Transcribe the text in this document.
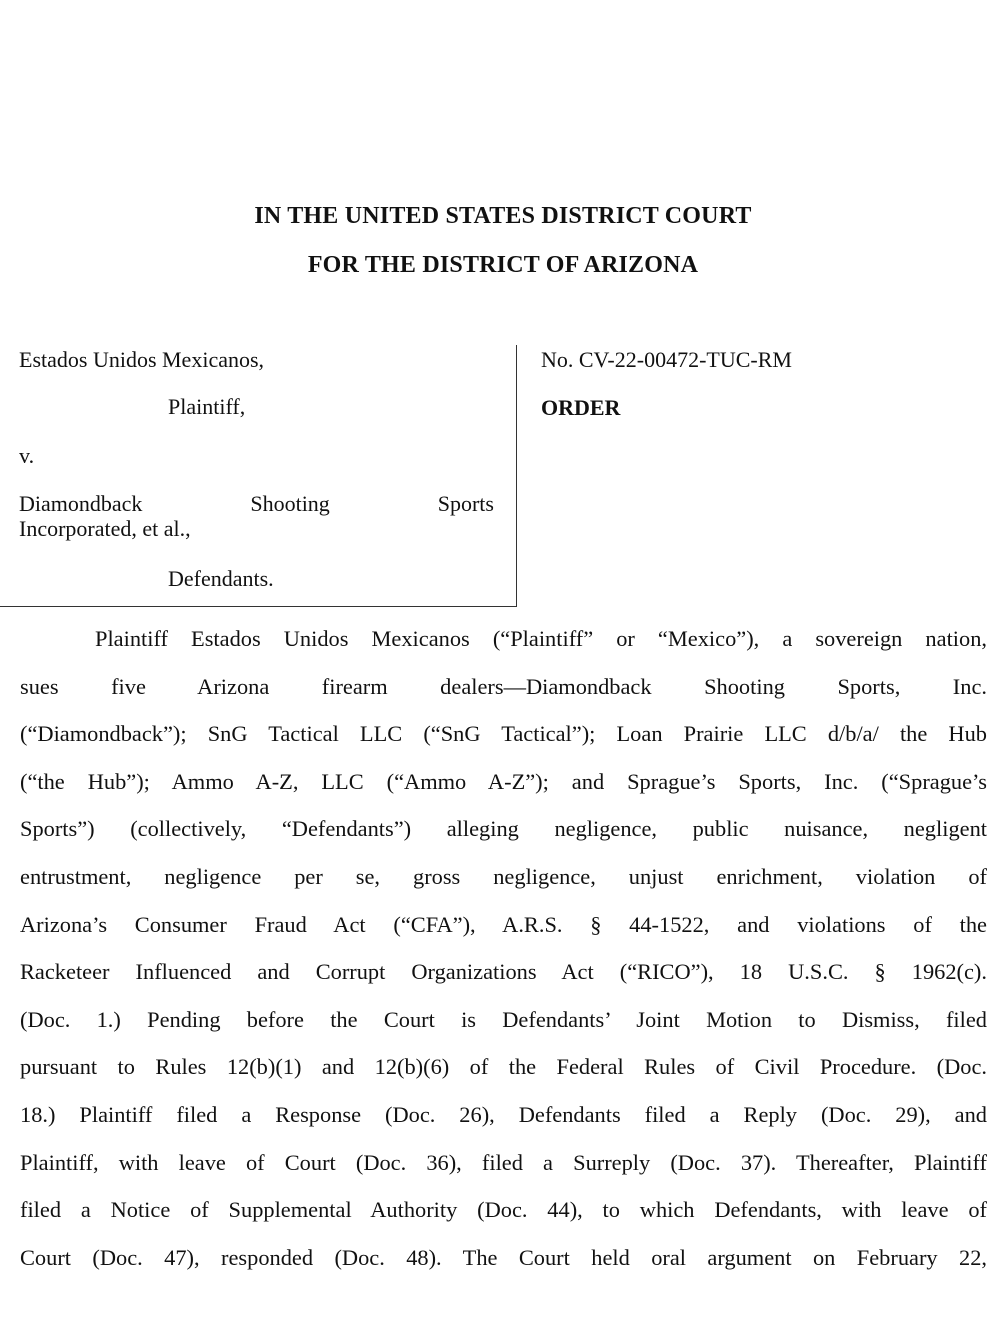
IN THE UNITED STATES DISTRICT COURT
FOR THE DISTRICT OF ARIZONA
Estados Unidos Mexicanos,
Plaintiff,
v.
Diamondback	Shooting	Sports
Incorporated, et al.,
Defendants.
No. CV-22-00472-TUC-RM
ORDER
Plaintiff Estados Unidos Mexicanos (“Plaintiff” or “Mexico”), a sovereign nation,
sues five Arizona firearm dealers—Diamondback Shooting Sports, Inc.
(“Diamondback”); SnG Tactical LLC (“SnG Tactical”); Loan Prairie LLC d/b/a/ the Hub
(“the Hub”); Ammo A-Z, LLC (“Ammo A-Z”); and Sprague’s Sports, Inc. (“Sprague’s
Sports”) (collectively, “Defendants”) alleging negligence, public nuisance, negligent
entrustment, negligence per se, gross negligence, unjust enrichment, violation of
Arizona’s Consumer Fraud Act (“CFA”), A.R.S. § 44-1522, and violations of the
Racketeer Influenced and Corrupt Organizations Act (“RICO”), 18 U.S.C. § 1962(c).
(Doc. 1.) Pending before the Court is Defendants’ Joint Motion to Dismiss, filed
pursuant to Rules 12(b)(1) and 12(b)(6) of the Federal Rules of Civil Procedure. (Doc.
18.) Plaintiff filed a Response (Doc. 26), Defendants filed a Reply (Doc. 29), and
Plaintiff, with leave of Court (Doc. 36), filed a Surreply (Doc. 37). Thereafter, Plaintiff
filed a Notice of Supplemental Authority (Doc. 44), to which Defendants, with leave of
Court (Doc. 47), responded (Doc. 48). The Court held oral argument on February 22,
